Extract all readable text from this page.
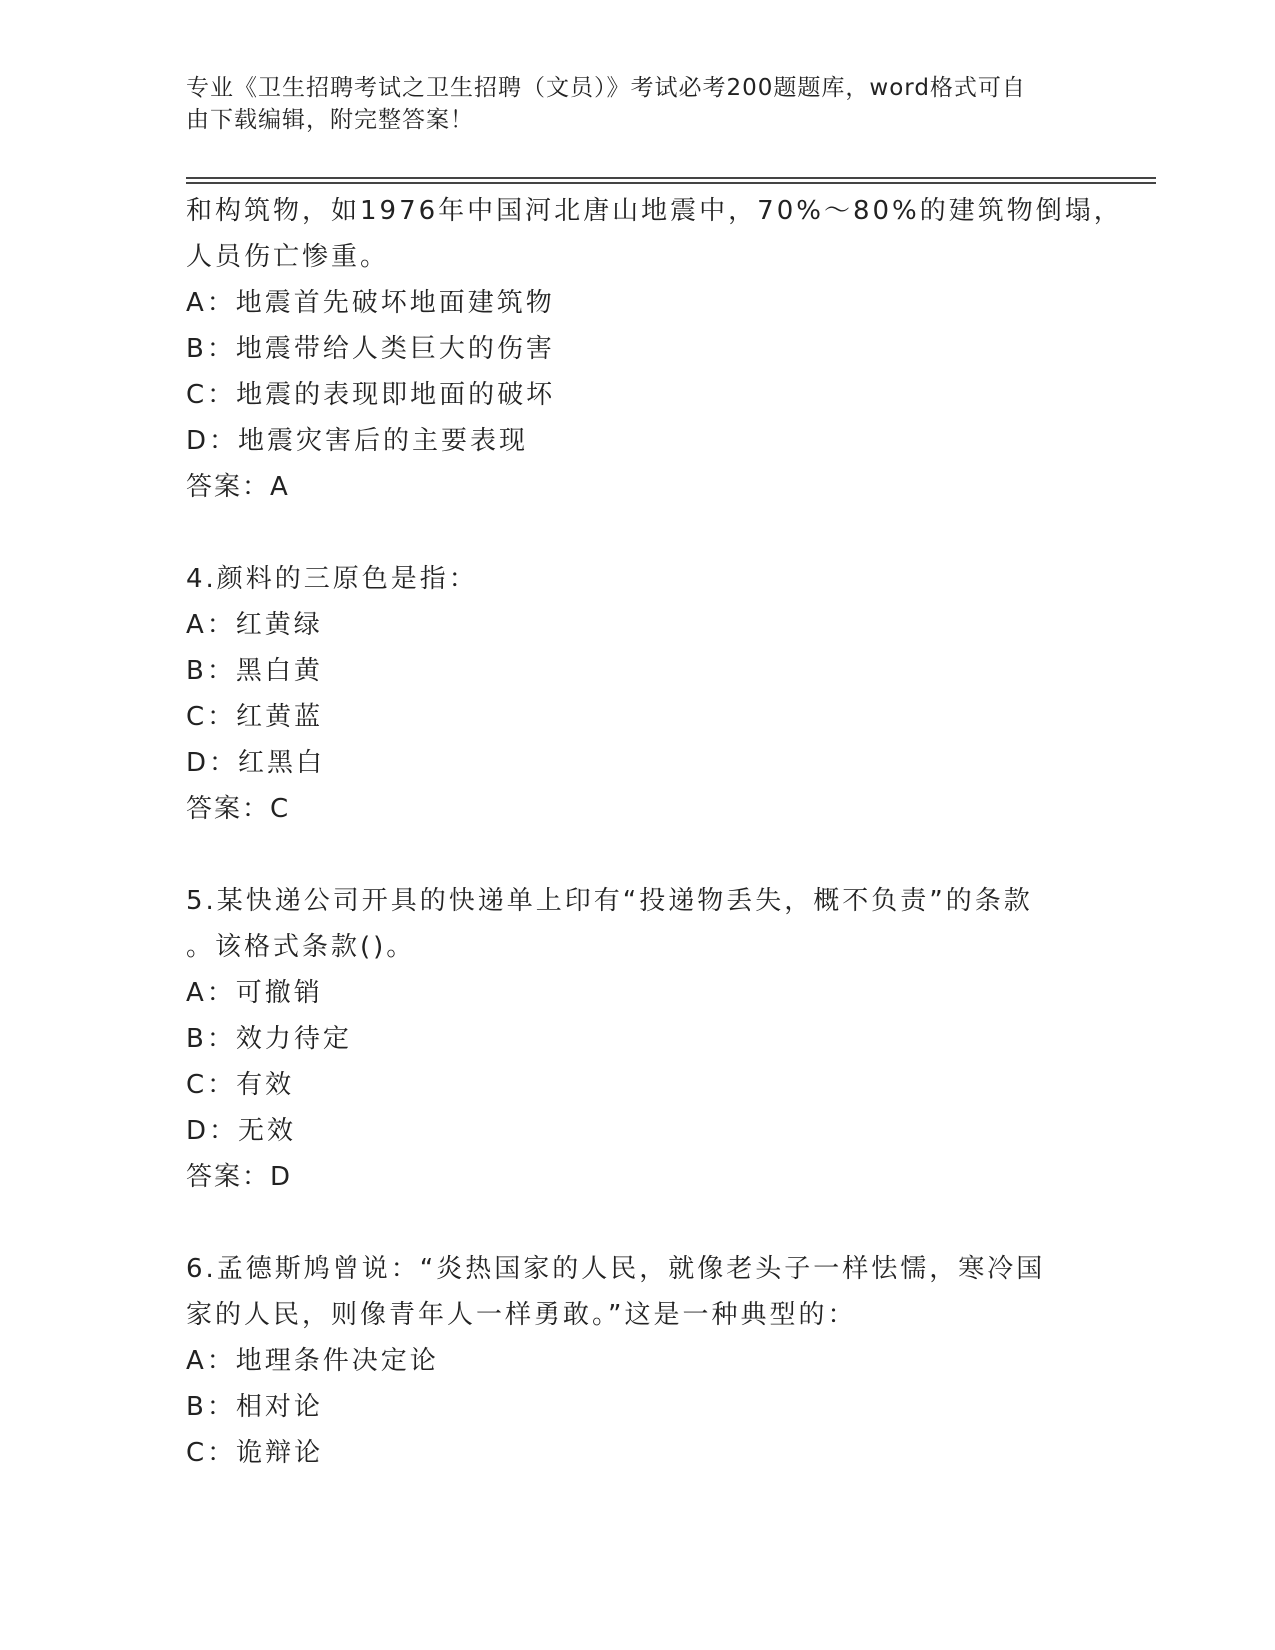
专业《卫生招聘考试之卫生招聘（文员）》考试必考200题题库，word格式可自
由下载编辑，附完整答案！
和构筑物，如1976年中国河北唐山地震中，70%～80%的建筑物倒塌，
人员伤亡惨重。
A：地震首先破坏地面建筑物
B：地震带给人类巨大的伤害
C：地震的表现即地面的破坏
D：地震灾害后的主要表现
答案：A
4.颜料的三原色是指：
A：红黄绿
B：黑白黄
C：红黄蓝
D：红黑白
答案：C
5.某快递公司开具的快递单上印有“投递物丢失，概不负责”的条款
。该格式条款()。
A：可撤销
B：效力待定
C：有效
D：无效
答案：D
6.孟德斯鸠曾说：“炎热国家的人民，就像老头子一样怯懦，寒冷国
家的人民，则像青年人一样勇敢。”这是一种典型的：
A：地理条件决定论
B：相对论
C：诡辩论
